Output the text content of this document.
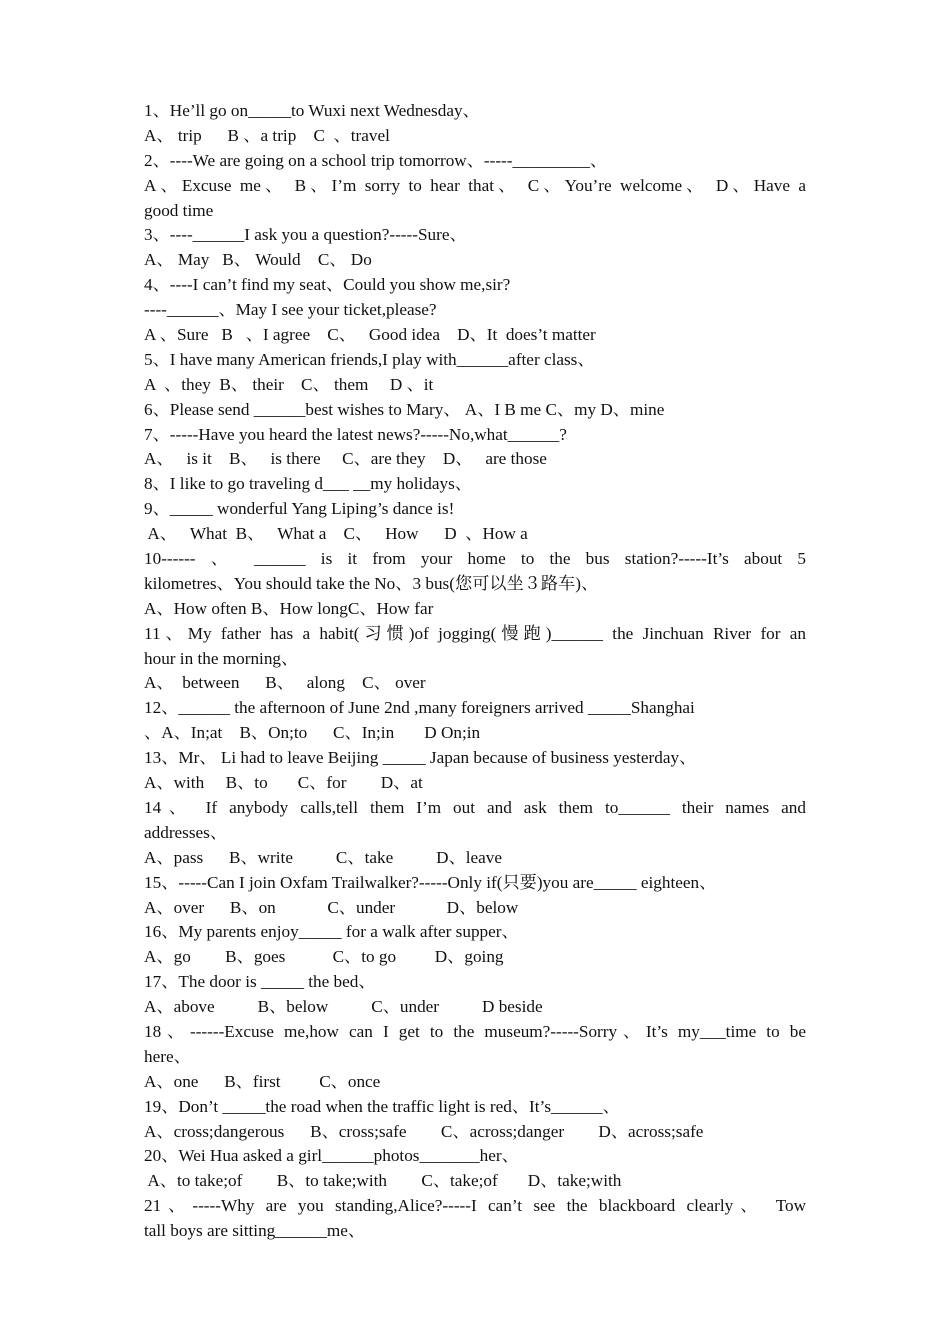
1、He’ll go on_____to Wuxi next Wednesday、
A、 trip      B 、a trip    C  、travel
2、----We are going on a school trip tomorrow、-----_________、
A、Excuse me、 B、I’m sorry to hear that、 C、You’re welcome、 D、Have a
good time
3、----______I ask you a question?-----Sure、
A、 May   B、 Would    C、 Do
4、----I can’t find my seat、Could you show me,sir?
----______、May I see your ticket,please?
A 、Sure   B   、I agree    C、   Good idea    D、It  does’t matter
5、I have many American friends,I play with______after class、
A  、they  B、 their    C、 them     D 、it
6、Please send ______best wishes to Mary、 A、I B me C、my D、mine
7、-----Have you heard the latest news?-----No,what______?
A、   is it    B、   is there     C、are they    D、   are those
8、I like to go traveling d___ __my holidays、
9、_____ wonderful Yang Liping’s dance is!
A、   What  B、   What a    C、   How      D  、How a
10------ 、 ______ is it from your home to the bus station?-----It’s about 5
kilometres、You should take the No、3 bus(您可以坐３路车)、
A、How often B、How longC、How far
11、My father has a habit(习惯)of jogging(慢跑)______ the Jinchuan River for an
hour in the morning、
A、  between      B、   along    C、 over
12、______ the afternoon of June 2nd ,many foreigners arrived _____Shanghai
、A、In;at    B、On;to      C、In;in       D On;in
13、Mr、 Li had to leave Beijing _____ Japan because of business yesterday、
A、with     B、to       C、for        D、at
14、 If anybody calls,tell them I’m out and ask them to______ their names and
addresses、
A、pass      B、write          C、take          D、leave
15、-----Can I join Oxfam Trailwalker?-----Only if(只要)you are_____ eighteen、
A、over      B、on            C、under            D、below
16、My parents enjoy_____ for a walk after supper、
A、go        B、goes           C、to go         D、going
17、The door is _____ the bed、
A、above          B、below          C、under          D beside
18、------Excuse me,how can I get to the museum?-----Sorry、It’s my___time to be
here、
A、one      B、first         C、once
19、Don’t _____the road when the traffic light is red、It’s______、
A、cross;dangerous      B、cross;safe        C、across;danger        D、across;safe
20、Wei Hua asked a girl______photos_______her、
A、to take;of        B、to take;with        C、take;of       D、take;with
21、-----Why are you standing,Alice?-----I can’t see the blackboard clearly、 Tow
tall boys are sitting______me、
